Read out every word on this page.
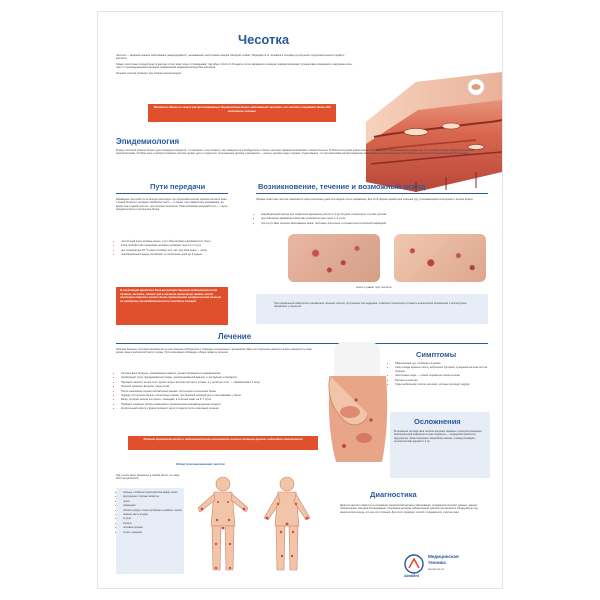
Чесотка
Чесотка — заразное кожное заболевание (акародерматит), вызываемое чесоточным клещом Sarcoptes scabiei. Передаётся от человека к человеку в результате продолжительного прямого контакта.
Самки чесоточных клещей роют в верхних слоях кожи ходы и откладывают там яйца. Спустя 6–8 недель после заражения в кожном покрове возникают пузырьковые поражения и наружная сыпь, часто с присоединением вторичной гнойничковой инфекции вследствие расчёсов.
Лечение чесотки проводят при помощи инсектицидов.
Является одним из самых распространённых дерматологических заболеваний человека, от чесотки страдает более 200 миллионов человек.
Эпидемиология
В мире чесоткой больше болеют дети младшего возраста, что связано с отсутствием у них иммунитета к возбудителю и более частыми прямыми контактами с кожей больных. В России ситуация аналогичная. Основной рост заболеваемости вызван тем, что снижается охват профилактическими мероприятиями. Особую роль в распространении чесотки играют дети и подростки, посещающие детские учреждения — школы, детские сады и кружки. Существенно, что при массовом распространении заболевания в организованных коллективах выявляется большое количество больных.
Пути передачи
Заражение чесоткой почти всегда происходит при продолжительном прямом контакте кожи с кожей больного человека. Наиболее часто — в семье, при совместном проживании, во время сна в одной постели, при половых контактах. Реже возможен непрямой путь — через предметы быта и постельное бельё.
• чесоточный клещ активен ночью, и его яйца активно развиваются в тепле
• клещ погибает вне организма человека примерно через 3–4 суток
• при температуре 60 °С клещ погибает за 1 час, при кипячении — сразу
• инкубационный период составляет от нескольких дней до 6 недель
В настоящее время все больше распространено медикаментозное лечение чесотки, однако зуд в течение нескольких недель после окончания терапии может быть проявлением аллергической реакции на продукты жизнедеятельности погибших клещей.
Возникновение, течение и возможный исход
Первые симптомы чесотки появляются через несколько дней или недель после заражения. Для этой формы характерен сильный зуд, усиливающийся в вечернее и ночное время.
• инкубационный период при первичном заражении длится от 3 до 10 дней, в некоторых случаях дольше
• при повторном заражении симптомы появляются уже через 1–3 суток
• при отсутствии лечения заболевание может протекать длительно и осложняться вторичной инфекцией
сыпь и ранки при чесотке
При нормальном иммунитете адекватное лечение чесотки, полученное без задержки, позволяет полностью устранить клинические проявления и последствия заражения у пациента.
Лечение
Лечение больных чесоткой направлено на уничтожение возбудителя с помощью специальных препаратов. Мазь или эмульсию наносят на всю поверхность кожи, кроме лица и волосистой части головы. При этом важно соблюдать общие правила лечения.
• Лечение всех больных, проживающих вместе, должно проводиться одновременно
• Необходимо четко придерживаться схемы, рекомендованной врачом, и инструкции к препарату
• Препарат наносят на все тело, кроме лица и волосистой части головы, а у детей до 3 лет — обрабатывают и лицо
• Лечение проводят вечером, перед сном
• После окончания лечения обязательно меняют постельное и нательное бельё
• Одежду, постельное бельё и полотенца стирают при высокой температуре и проглаживают утюгом
• Вещи, которые нельзя постирать, помещают в плотный пакет на 5–7 суток
• Проводят влажную уборку помещения с применением дезинфицирующих средств
• Контрольный осмотр у врача проводят через 2 недели после окончания лечения
Лечение терапевтическое и медикаментозное назначается только лечащим врачом, избегайте самолечения!
Симптомы
• Повышенный зуд, особенно по ночам
• Сыпь в виде красных пятен, небольших бугорков, пузырьков на коже или на пальцах
• Чесоточные ходы — тонкие сероватые линии на коже
• Расчёсы и корочки
• Ходы (небольшие полосы на коже), которые проходят наружу
Осложнения
В основном последствия чесотки непрямо связаны с распространением бактериальной инфекции в коже пациента — пиодермии (импетиго, фурункулы). Реже возникают микробная экзема, гломерулонефрит, аллергический дерматит и пр.
Области возникновения чесотки
Зуд и сыпь могут возникать в любом месте, но чаще всего встречаются:
• пальцы, особенно пространства между ними
• внутренние стороны запястья
• локти
• подмышки
• область вокруг пояса (особенно в районе талии)
• нижняя часть ягодиц
• ступни
• колени
• половые органы
• соски у женщин
Диагностика
Диагноз чесотки ставится на основании клинической картины заболевания, эпидемиологических данных, данных лабораторных методов обследования. Основным методом лабораторной диагностики является обнаружение под микроскопом клеща, его яиц или личинок. Для этого проводят соскоб с поражённого участка кожи.
AlmaMed
Медицинская
техника
almamed.su
